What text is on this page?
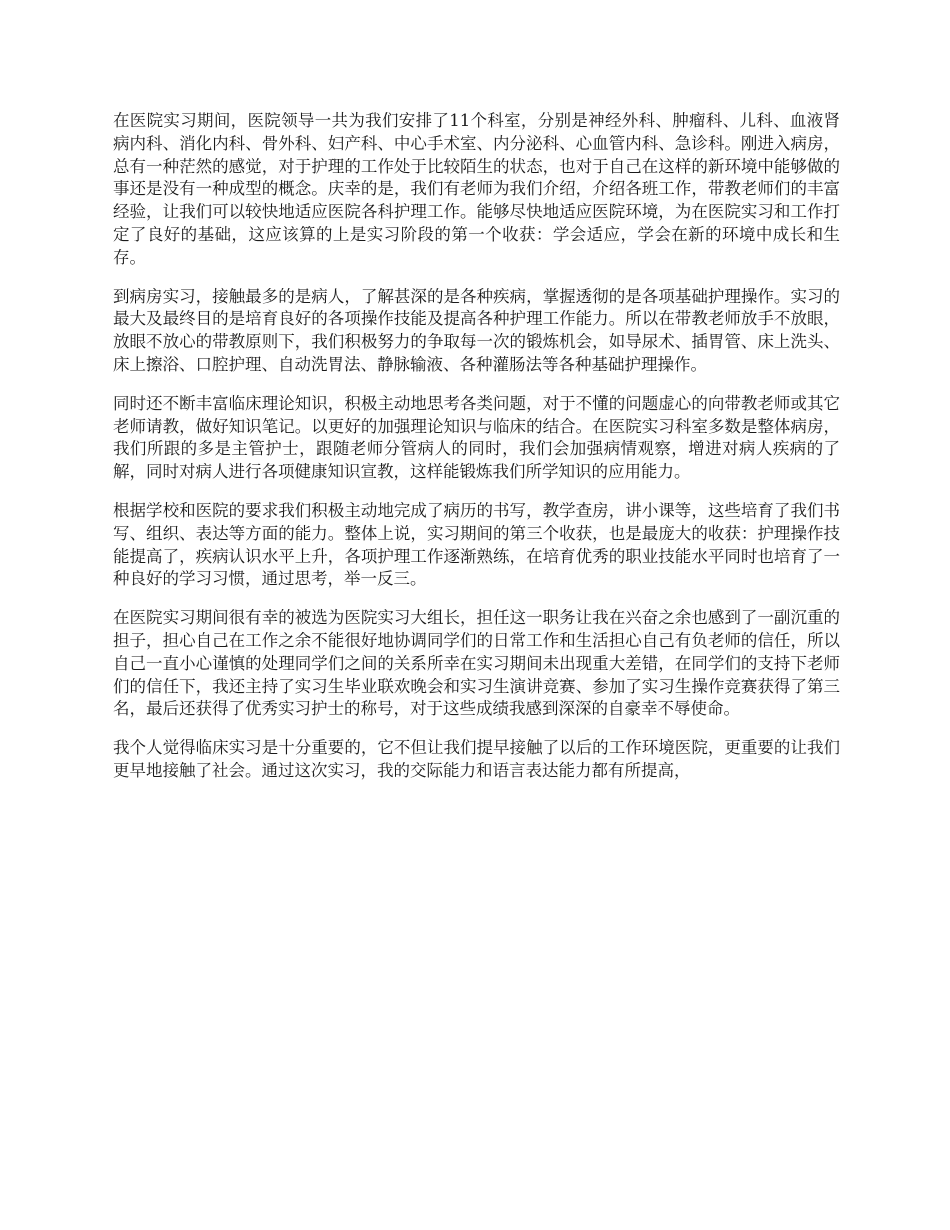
在医院实习期间，医院领导一共为我们安排了11个科室，分别是神经外科、肿瘤科、儿科、血液肾病内科、消化内科、骨外科、妇产科、中心手术室、内分泌科、心血管内科、急诊科。刚进入病房，总有一种茫然的感觉，对于护理的工作处于比较陌生的状态，也对于自己在这样的新环境中能够做的事还是没有一种成型的概念。庆幸的是，我们有老师为我们介绍，介绍各班工作，带教老师们的丰富经验，让我们可以较快地适应医院各科护理工作。能够尽快地适应医院环境，为在医院实习和工作打定了良好的基础，这应该算的上是实习阶段的第一个收获：学会适应，学会在新的环境中成长和生存。

到病房实习，接触最多的是病人，了解甚深的是各种疾病，掌握透彻的是各项基础护理操作。实习的最大及最终目的是培育良好的各项操作技能及提高各种护理工作能力。所以在带教老师放手不放眼，放眼不放心的带教原则下，我们积极努力的争取每一次的锻炼机会，如导尿术、插胃管、床上洗头、床上擦浴、口腔护理、自动洗胃法、静脉输液、各种灌肠法等各种基础护理操作。

同时还不断丰富临床理论知识，积极主动地思考各类问题，对于不懂的问题虚心的向带教老师或其它老师请教，做好知识笔记。以更好的加强理论知识与临床的结合。在医院实习科室多数是整体病房，我们所跟的多是主管护士，跟随老师分管病人的同时，我们会加强病情观察，增进对病人疾病的了解，同时对病人进行各项健康知识宣教，这样能锻炼我们所学知识的应用能力。

根据学校和医院的要求我们积极主动地完成了病历的书写，教学查房，讲小课等，这些培育了我们书写、组织、表达等方面的能力。整体上说，实习期间的第三个收获，也是最庞大的收获：护理操作技能提高了，疾病认识水平上升，各项护理工作逐渐熟练，在培育优秀的职业技能水平同时也培育了一种良好的学习习惯，通过思考，举一反三。

在医院实习期间很有幸的被选为医院实习大组长，担任这一职务让我在兴奋之余也感到了一副沉重的担子，担心自己在工作之余不能很好地协调同学们的日常工作和生活担心自己有负老师的信任，所以自己一直小心谨慎的处理同学们之间的关系所幸在实习期间未出现重大差错，在同学们的支持下老师们的信任下，我还主持了实习生毕业联欢晚会和实习生演讲竞赛、参加了实习生操作竞赛获得了第三名，最后还获得了优秀实习护士的称号，对于这些成绩我感到深深的自豪幸不辱使命。

我个人觉得临床实习是十分重要的，它不但让我们提早接触了以后的工作环境医院，更重要的让我们更早地接触了社会。通过这次实习，我的交际能力和语言表达能力都有所提高，
